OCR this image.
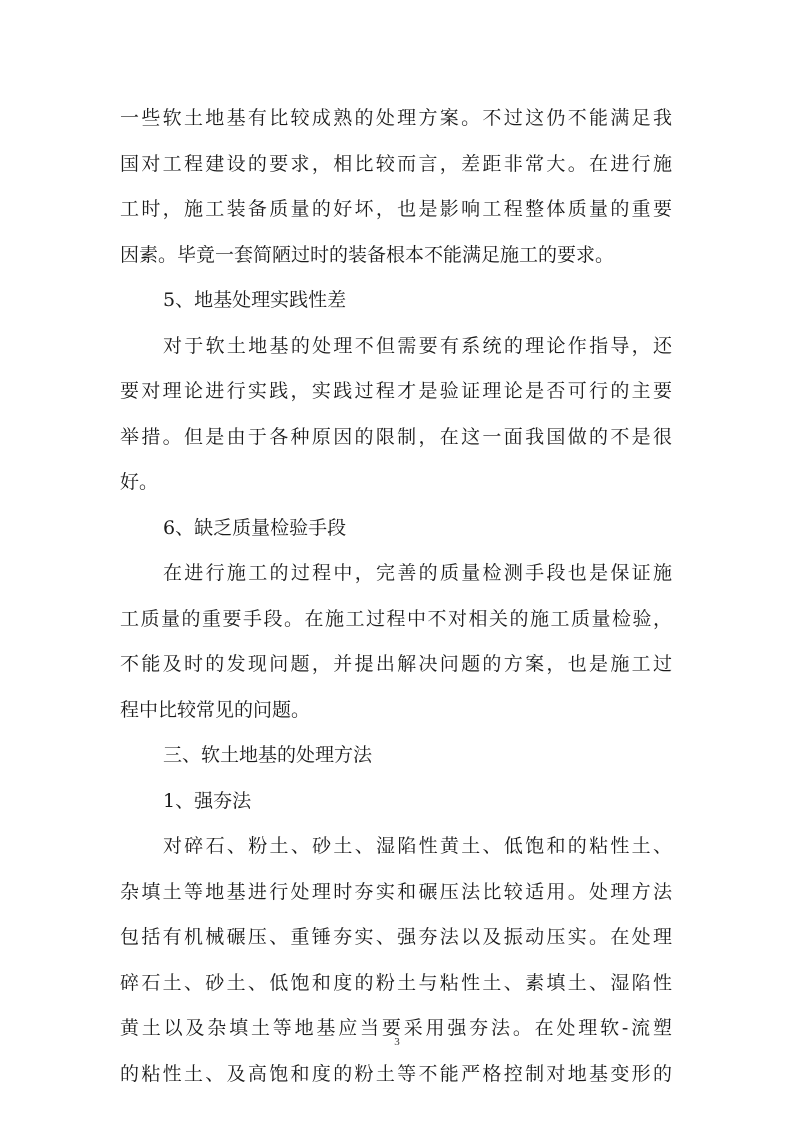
一些软土地基有比较成熟的处理方案。不过这仍不能满足我
国对工程建设的要求，相比较而言，差距非常大。在进行施
工时，施工装备质量的好坏，也是影响工程整体质量的重要
因素。毕竟一套简陋过时的装备根本不能满足施工的要求。
5、地基处理实践性差
对于软土地基的处理不但需要有系统的理论作指导，还
要对理论进行实践，实践过程才是验证理论是否可行的主要
举措。但是由于各种原因的限制，在这一面我国做的不是很
好。
6、缺乏质量检验手段
在进行施工的过程中，完善的质量检测手段也是保证施
工质量的重要手段。在施工过程中不对相关的施工质量检验，
不能及时的发现问题，并提出解决问题的方案，也是施工过
程中比较常见的问题。
三、软土地基的处理方法
1、强夯法
对碎石、粉土、砂土、湿陷性黄土、低饱和的粘性土、
杂填土等地基进行处理时夯实和碾压法比较适用。处理方法
包括有机械碾压、重锤夯实、强夯法以及振动压实。在处理
碎石土、砂土、低饱和度的粉土与粘性土、素填土、湿陷性
黄土以及杂填土等地基应当要采用强夯法。在处理软-流塑
的粘性土、及高饱和度的粉土等不能严格控制对地基变形的
3
